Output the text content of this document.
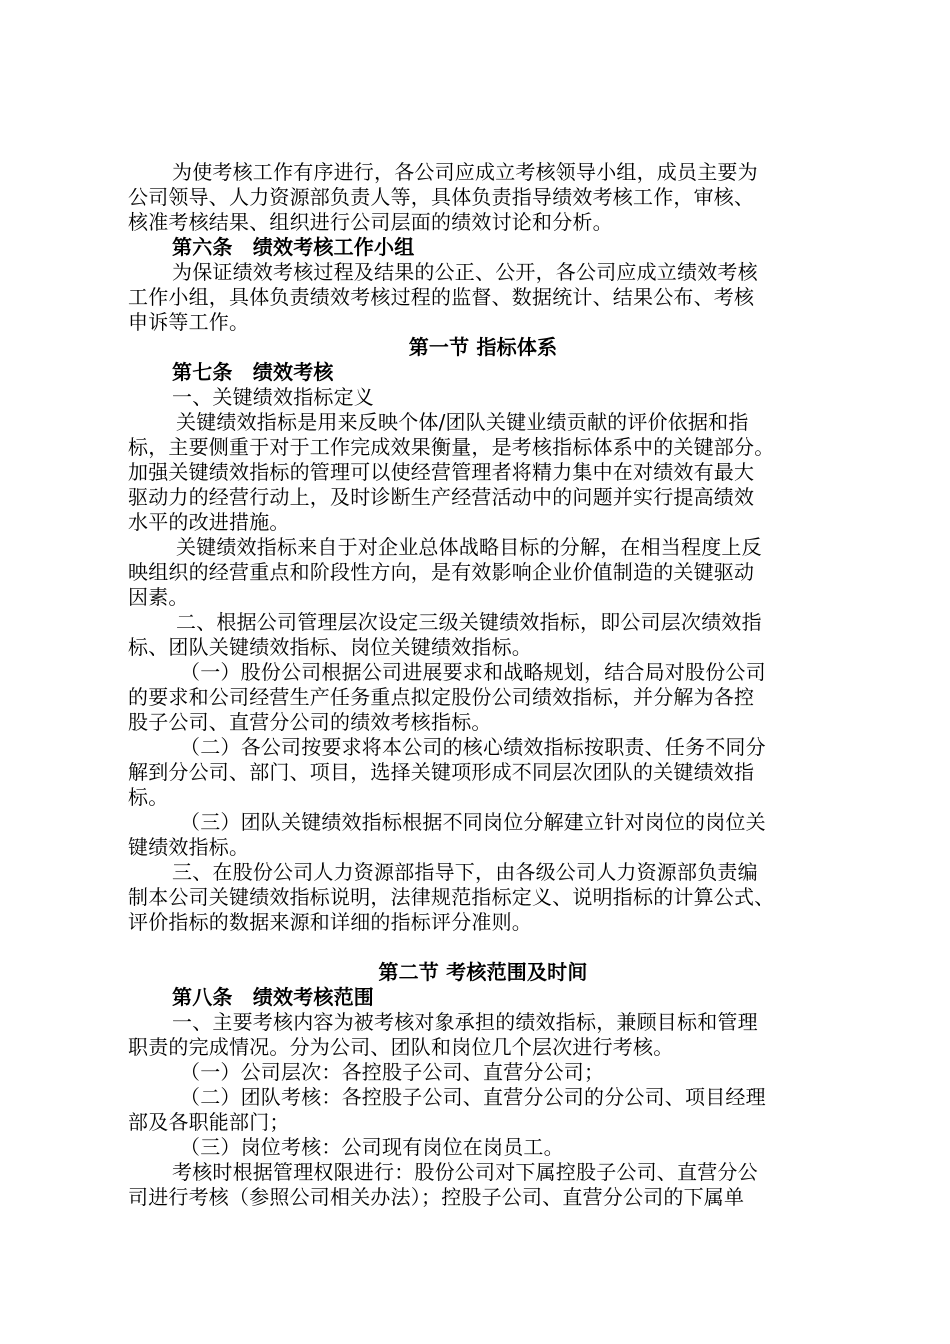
为使考核工作有序进行，各公司应成立考核领导小组，成员主要为
公司领导、人力资源部负责人等，具体负责指导绩效考核工作，审核、
核准考核结果、组织进行公司层面的绩效讨论和分析。
第六条　绩效考核工作小组
为保证绩效考核过程及结果的公正、公开，各公司应成立绩效考核
工作小组，具体负责绩效考核过程的监督、数据统计、结果公布、考核
申诉等工作。
第一节 指标体系
第七条　绩效考核
一、关键绩效指标定义
关键绩效指标是用来反映个体/团队关键业绩贡献的评价依据和指
标，主要侧重于对于工作完成效果衡量，是考核指标体系中的关键部分。
加强关键绩效指标的管理可以使经营管理者将精力集中在对绩效有最大
驱动力的经营行动上，及时诊断生产经营活动中的问题并实行提高绩效
水平的改进措施。
关键绩效指标来自于对企业总体战略目标的分解，在相当程度上反
映组织的经营重点和阶段性方向，是有效影响企业价值制造的关键驱动
因素。
二、根据公司管理层次设定三级关键绩效指标，即公司层次绩效指
标、团队关键绩效指标、岗位关键绩效指标。
（一）股份公司根据公司进展要求和战略规划，结合局对股份公司
的要求和公司经营生产任务重点拟定股份公司绩效指标，并分解为各控
股子公司、直营分公司的绩效考核指标。
（二）各公司按要求将本公司的核心绩效指标按职责、任务不同分
解到分公司、部门、项目，选择关键项形成不同层次团队的关键绩效指
标。
（三）团队关键绩效指标根据不同岗位分解建立针对岗位的岗位关
键绩效指标。
三、在股份公司人力资源部指导下，由各级公司人力资源部负责编
制本公司关键绩效指标说明，法律规范指标定义、说明指标的计算公式、
评价指标的数据来源和详细的指标评分准则。
第二节 考核范围及时间
第八条　绩效考核范围
一、主要考核内容为被考核对象承担的绩效指标，兼顾目标和管理
职责的完成情况。分为公司、团队和岗位几个层次进行考核。
（一）公司层次：各控股子公司、直营分公司；
（二）团队考核：各控股子公司、直营分公司的分公司、项目经理
部及各职能部门；
（三）岗位考核：公司现有岗位在岗员工。
考核时根据管理权限进行：股份公司对下属控股子公司、直营分公
司进行考核（参照公司相关办法）；控股子公司、直营分公司的下属单
